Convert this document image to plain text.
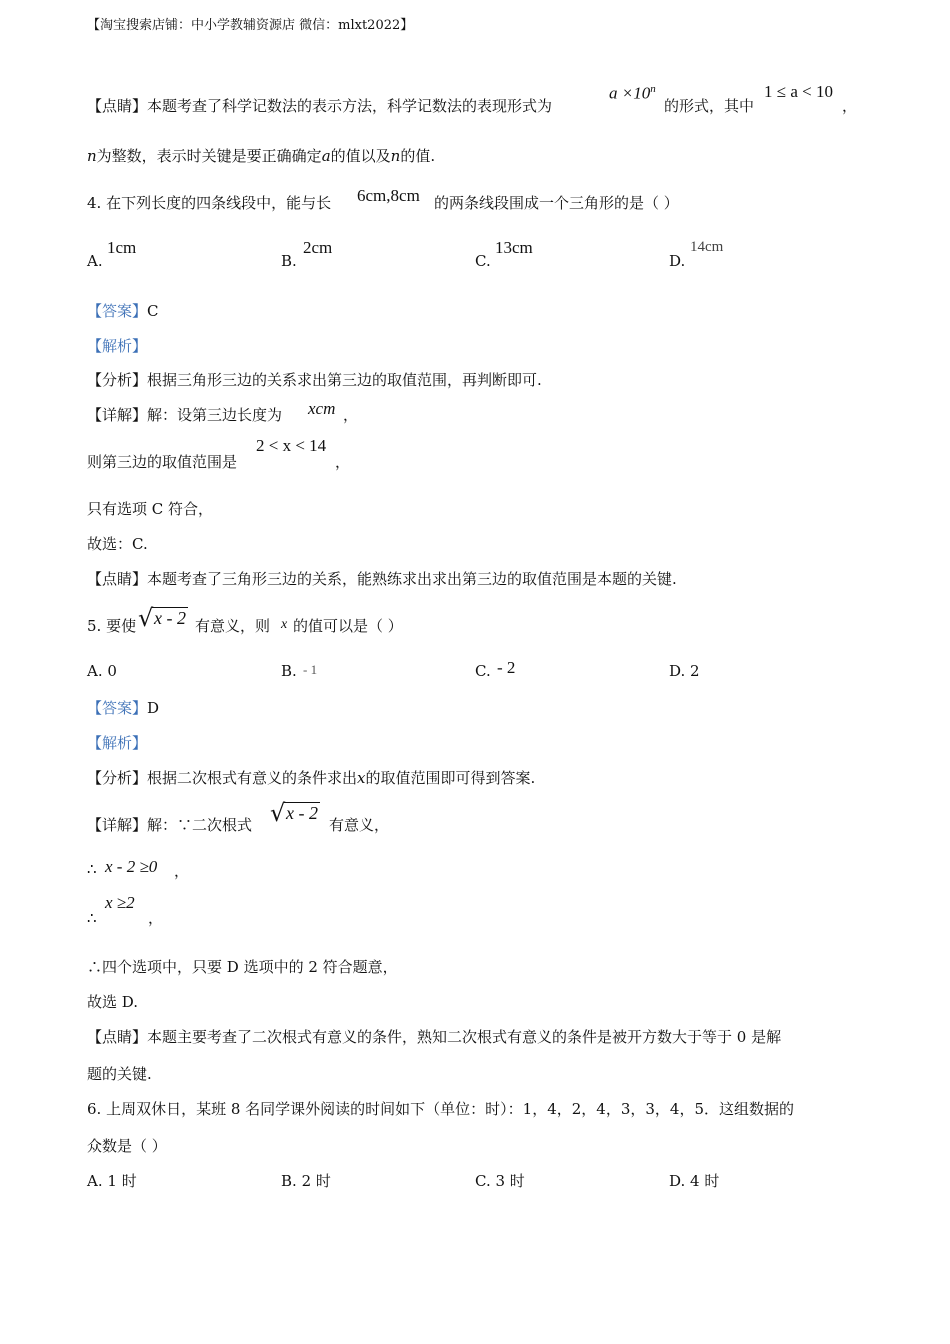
【淘宝搜索店铺：中小学教辅资源店 微信：mlxt2022】
【点睛】本题考查了科学记数法的表示方法，科学记数法的表现形式为
$a \times 10^n$
的形式，其中
1 ≤ a < 10
，
n为整数，表示时关键是要正确确定a的值以及n的值.
4. 在下列长度的四条线段中，能与长 6cm,8cm 的两条线段围成一个三角形的是（ ）
A.
1cm
B.
2cm
C.
13cm
D.
14cm
【答案】C
【解析】
【分析】根据三角形三边的关系求出第三边的取值范围，再判断即可.
【详解】解：设第三边长度为 xcm ，
则第三边的取值范围是
2 < x < 14
，
只有选项 C 符合，
故选：C.
【点睛】本题考查了三角形三边的关系，能熟练求出求出第三边的取值范围是本题的关键.
5. 要使 √ x - 2 有意义，则 x 的值可以是（ ）
A. 0	B. - 1	C. - 2	D. 2
【答案】D
【解析】
【分析】根据二次根式有意义的条件求出x的取值范围即可得到答案.
【详解】解：∵二次根式 √ x - 2
有意义，
∴ x - 2 ≥0 ，
∴
x ≥2
，
∴四个选项中，只要 D 选项中的 2 符合题意，
故选 D.
【点睛】本题主要考查了二次根式有意义的条件，熟知二次根式有意义的条件是被开方数大于等于 0 是解
题的关键.
6. 上周双休日，某班 8 名同学课外阅读的时间如下（单位：时）：1，4，2，4，3，3，4，5．这组数据的
众数是（ ）
A. 1 时	B. 2 时	C. 3 时	D. 4 时
